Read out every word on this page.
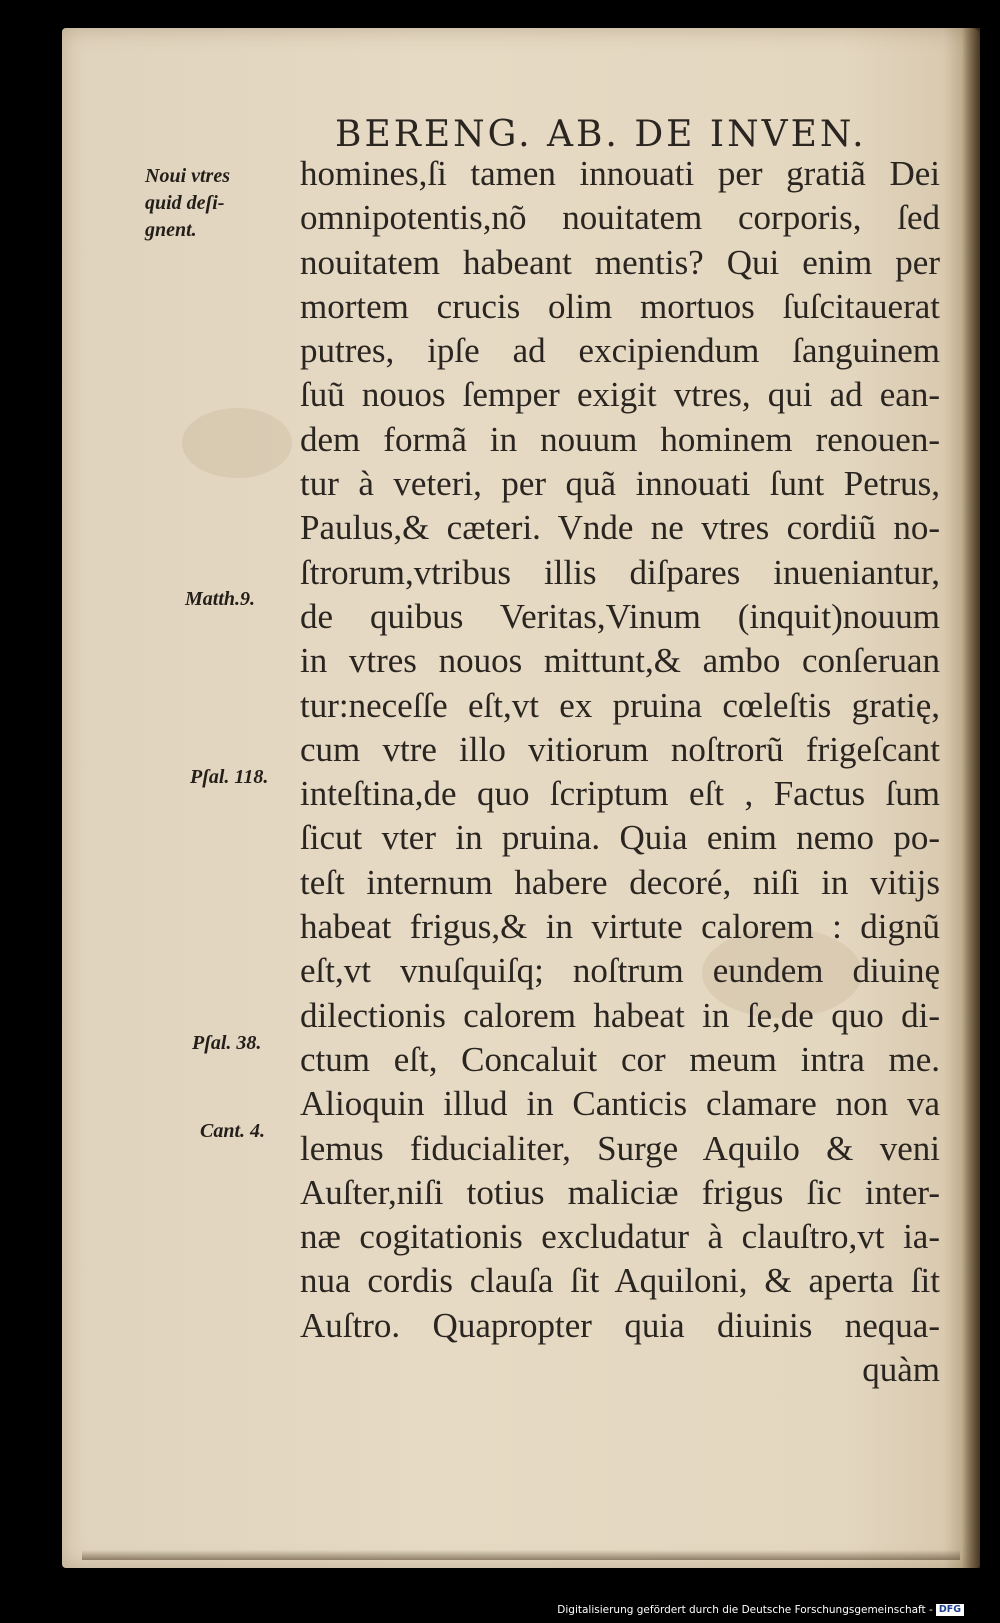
BERENG. AB. DE INVEN.
Noui vtres
quid deſi-
gnent.
Matth.9.
Pſal. 118.
Pſal. 38.
Cant. 4.
homines,ſi tamen innouati per gratiã Dei
omnipotentis,nõ nouitatem corporis, ſed
nouitatem habeant mentis? Qui enim per
mortem crucis olim mortuos ſuſcitauerat
putres, ipſe ad excipiendum ſanguinem
ſuũ nouos ſemper exigit vtres, qui ad ean-
dem formã in nouum hominem renouen-
tur à veteri, per quã innouati ſunt Petrus,
Paulus,& cæteri. Vnde ne vtres cordiũ no-
ſtrorum,vtribus illis diſpares inueniantur,
de quibus Veritas,Vinum (inquit)nouum
in vtres nouos mittunt,& ambo conſeruan
tur:neceſſe eſt,vt ex pruina cœleſtis gratię,
cum vtre illo vitiorum noſtrorũ frigeſcant
inteſtina,de quo ſcriptum eſt , Factus ſum
ſicut vter in pruina. Quia enim nemo po-
teſt internum habere decoré, niſi in vitijs
habeat frigus,& in virtute calorem : dignũ
eſt,vt vnuſquiſq; noſtrum eundem diuinę
dilectionis calorem habeat in ſe,de quo di-
ctum eſt, Concaluit cor meum intra me.
Alioquin illud in Canticis clamare non va
lemus fiducialiter, Surge Aquilo & veni
Auſter,niſi totius maliciæ frigus ſic inter-
næ cogitationis excludatur à clauſtro,vt ia-
nua cordis clauſa ſit Aquiloni, & aperta ſit
Auſtro. Quapropter quia diuinis nequa-
quàm
Digitalisierung gefördert durch die Deutsche Forschungsgemeinschaft - DFG
